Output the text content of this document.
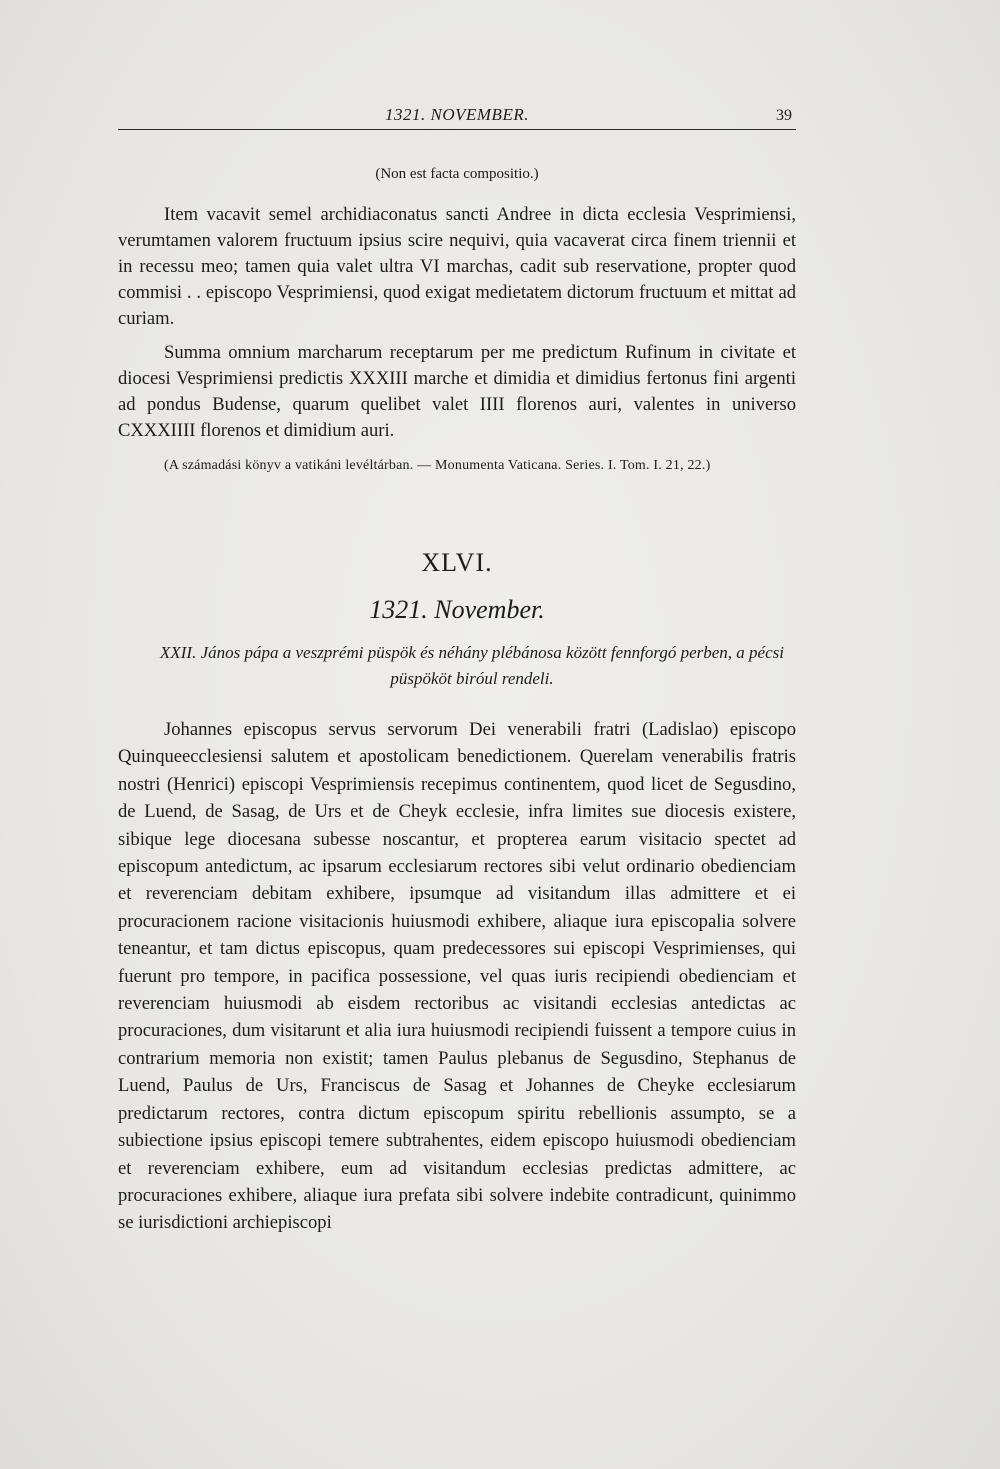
1321. NOVEMBER.	39
(Non est facta compositio.)

Item vacavit semel archidiaconatus sancti Andree in dicta ecclesia Vesprimiensi, verumtamen valorem fructuum ipsius scire nequivi, quia vacaverat circa finem triennii et in recessu meo; tamen quia valet ultra VI marchas, cadit sub reservatione, propter quod commisi . . episcopo Vesprimiensi, quod exigat medietatem dictorum fructuum et mittat ad curiam.

Summa omnium marcharum receptarum per me predictum Rufinum in civitate et diocesi Vesprimiensi predictis XXXIII marche et dimidia et dimidius fertonus fini argenti ad pondus Budense, quarum quelibet valet IIII florenos auri, valentes in universo CXXXIIII florenos et dimidium auri.

(A számadási könyv a vatikáni levéltárban. — Monumenta Vaticana. Series. I. Tom. I. 21, 22.)
XLVI.
1321. November.
XXII. János pápa a veszprémi püspök és néhány plébánosa között fennforgó perben, a pécsi püspököt biróul rendeli.

Johannes episcopus servus servorum Dei venerabili fratri (Ladislao) episcopo Quinqueecclesiensi salutem et apostolicam benedictionem. Querelam venerabilis fratris nostri (Henrici) episcopi Vesprimiensis recepimus continentem, quod licet de Segusdino, de Luend, de Sasag, de Urs et de Cheyk ecclesie, infra limites sue diocesis existere, sibique lege diocesana subesse noscantur, et propterea earum visitacio spectet ad episcopum antedictum, ac ipsarum ecclesiarum rectores sibi velut ordinario obedienciam et reverenciam debitam exhibere, ipsumque ad visitandum illas admittere et ei procuracionem racione visitacionis huiusmodi exhibere, aliaque iura episcopalia solvere teneantur, et tam dictus episcopus, quam predecessores sui episcopi Vesprimienses, qui fuerunt pro tempore, in pacifica possessione, vel quas iuris recipiendi obedienciam et reverenciam huiusmodi ab eisdem rectoribus ac visitandi ecclesias antedictas ac procuraciones, dum visitarunt et alia iura huiusmodi recipiendi fuissent a tempore cuius in contrarium memoria non existit; tamen Paulus plebanus de Segusdino, Stephanus de Luend, Paulus de Urs, Franciscus de Sasag et Johannes de Cheyke ecclesiarum predictarum rectores, contra dictum episcopum spiritu rebellionis assumpto, se a subiectione ipsius episcopi temere subtrahentes, eidem episcopo huiusmodi obedienciam et reverenciam exhibere, eum ad visitandum ecclesias predictas admittere, ac procuraciones exhibere, aliaque iura prefata sibi solvere indebite contradicunt, quinimmo se iurisdictioni archiepiscopi
